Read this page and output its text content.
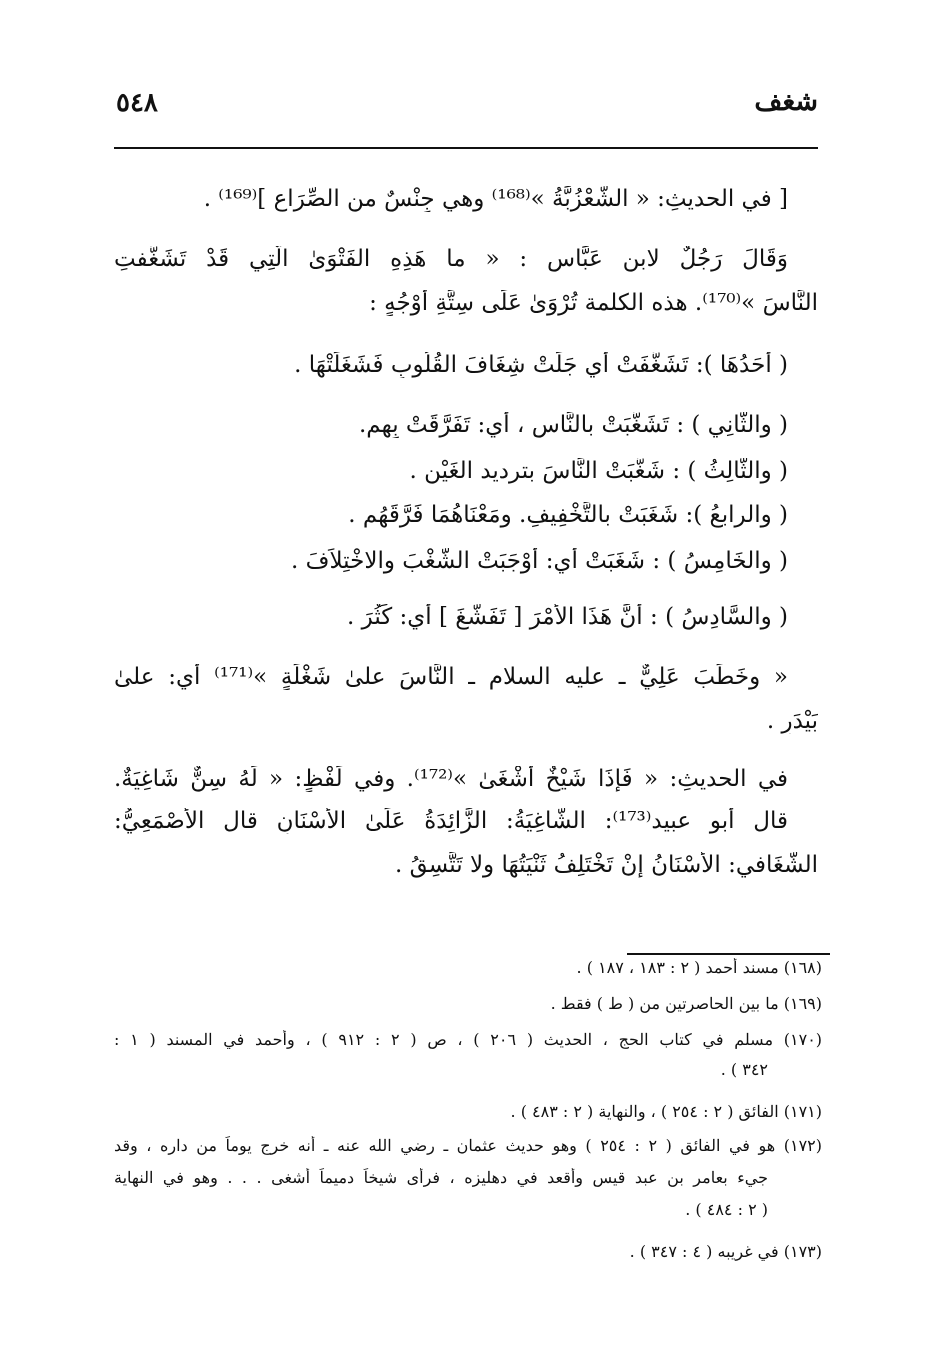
شغف
٥٤٨
[ في الحديثِ: « الشَّعْزُبَّةُ »⁽¹⁶⁸⁾ وهي جِنْسٌ من الصِّرَاعِ ]⁽¹⁶⁹⁾ .
وَقَالَ رَجُلٌ لابنِ عَبَّاس : « ما هَذِهِ الفَتْوَىٰ الَّتِي قَدْ تَشَغَّفتِ
النَّاسَ »⁽¹⁷⁰⁾. هذه الكلمة تُرْوَىٰ عَلَى سِتَّةِ أَوْجُهٍ :
( أَحَدُهَا ): تَشَغَّفَتْ أي جَلَتْ شِغَافَ القُلُوبِ فَشَغَلَتْهَا .
( والثَّانِي ) : تَشَغَّبَتْ بالنَّاسِ ، أي: تَفَرَّقَتْ بِهِم.
( والثَّالِثُ ) : شَغَّبَتْ النَّاسَ بترديد الغَيْنِ .
( والرابعُ ): شَغَبَتْ بالتَّخْفِيفِ. ومَعْنَاهُمَا فَرَّقَهُم .
( والخَامِسُ ) : شَغَبَتْ أي: أَوْجَبَتْ الشَّغْبَ والاخْتِلاَفَ .
( والسَّادِسُ ) : أَنَّ هَذَا الأَمْرَ [ تَفَشَّغَ ] أي: كَثُرَ .
« وخَطَبَ عَلِيٌّ ـ عليه السلام ـ النَّاسَ علىٰ شَغْلَةٍ »⁽¹⁷¹⁾ أي: علىٰ
بَيْدَرٍ .
في الحديثِ: « فَإِذَا شَيْخٌ أَشْغَىٰ »⁽¹⁷²⁾. وفي لَفْظٍ: « لَهُ سِنٌّ شَاغِيَةٌ.
قال أبو عبيد⁽¹⁷³⁾: الشَّاغِيَةُ: الزَّائِدَةُ عَلَىٰ الأَسْنَانِ قال الأَصْمَعِيُّ:
الشَّغَافي: الأَسْنَانُ إِنْ تَخْتَلِفُ ثَنْيَتُهَا ولا تَتَّسِقُ .
(١٦٨) مسند أحمد ( ٢ : ١٨٣ ، ١٨٧ ) .
(١٦٩) ما بين الحاصرتين من ( ط ) فقط .
(١٧٠) مسلم في كتاب الحج ، الحديث ( ٢٠٦ ) ، ص ( ٢ : ٩١٢ ) ، وأحمد في المسند ( ١ :
٣٤٢ ) .
(١٧١) الفائق ( ٢ : ٢٥٤ ) ، والنهاية ( ٢ : ٤٨٣ ) .
(١٧٢) هو في الفائق ( ٢ : ٢٥٤ ) وهو حديث عثمان ـ رضي الله عنه ـ أنه خرج يوماً من داره ، وقد
جيء بعامر بن عبد قيس وأقعد في دهليزه ، فرأى شيخاً دميماً أشغى . . . وهو في النهاية
( ٢ : ٤٨٤ ) .
(١٧٣) في غريبه ( ٤ : ٣٤٧ ) .
